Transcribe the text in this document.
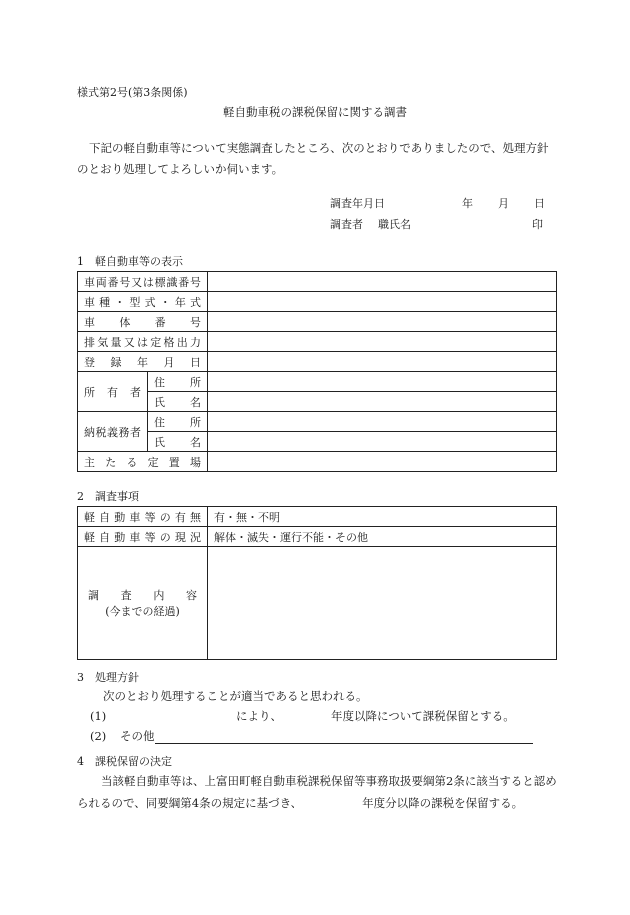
様式第2号(第3条関係)
軽自動車税の課税保留に関する調書
下記の軽自動車等について実態調査したところ、次のとおりでありましたので、処理方針のとおり処理してよろしいか伺います。
調査年月日	年 月 日
調査者 職氏名	印
1　軽自動車等の表示
車両番号又は標識番号		
車種・型式・年式		
車体番号		
排気量又は定格出力		
登録年月日		
所有者	住所	
	氏名	
納税義務者	住所	
	氏名	
主たる定置場		
2　調査事項
軽自動車等の有無	有・無・不明
軽自動車等の現況	解体・滅失・運行不能・その他

調査内容
(今までの経過)	

3　処理方針
次のとおり処理することが適当であると思われる。
(1)	により、	年度以降について課税保留とする。
(2) その他
4　課税保留の決定
当該軽自動車等は、上富田町軽自動車税課税保留等事務取扱要綱第2条に該当すると認められるので、同要綱第4条の規定に基づき、	年度分以降の課税を保留する。
